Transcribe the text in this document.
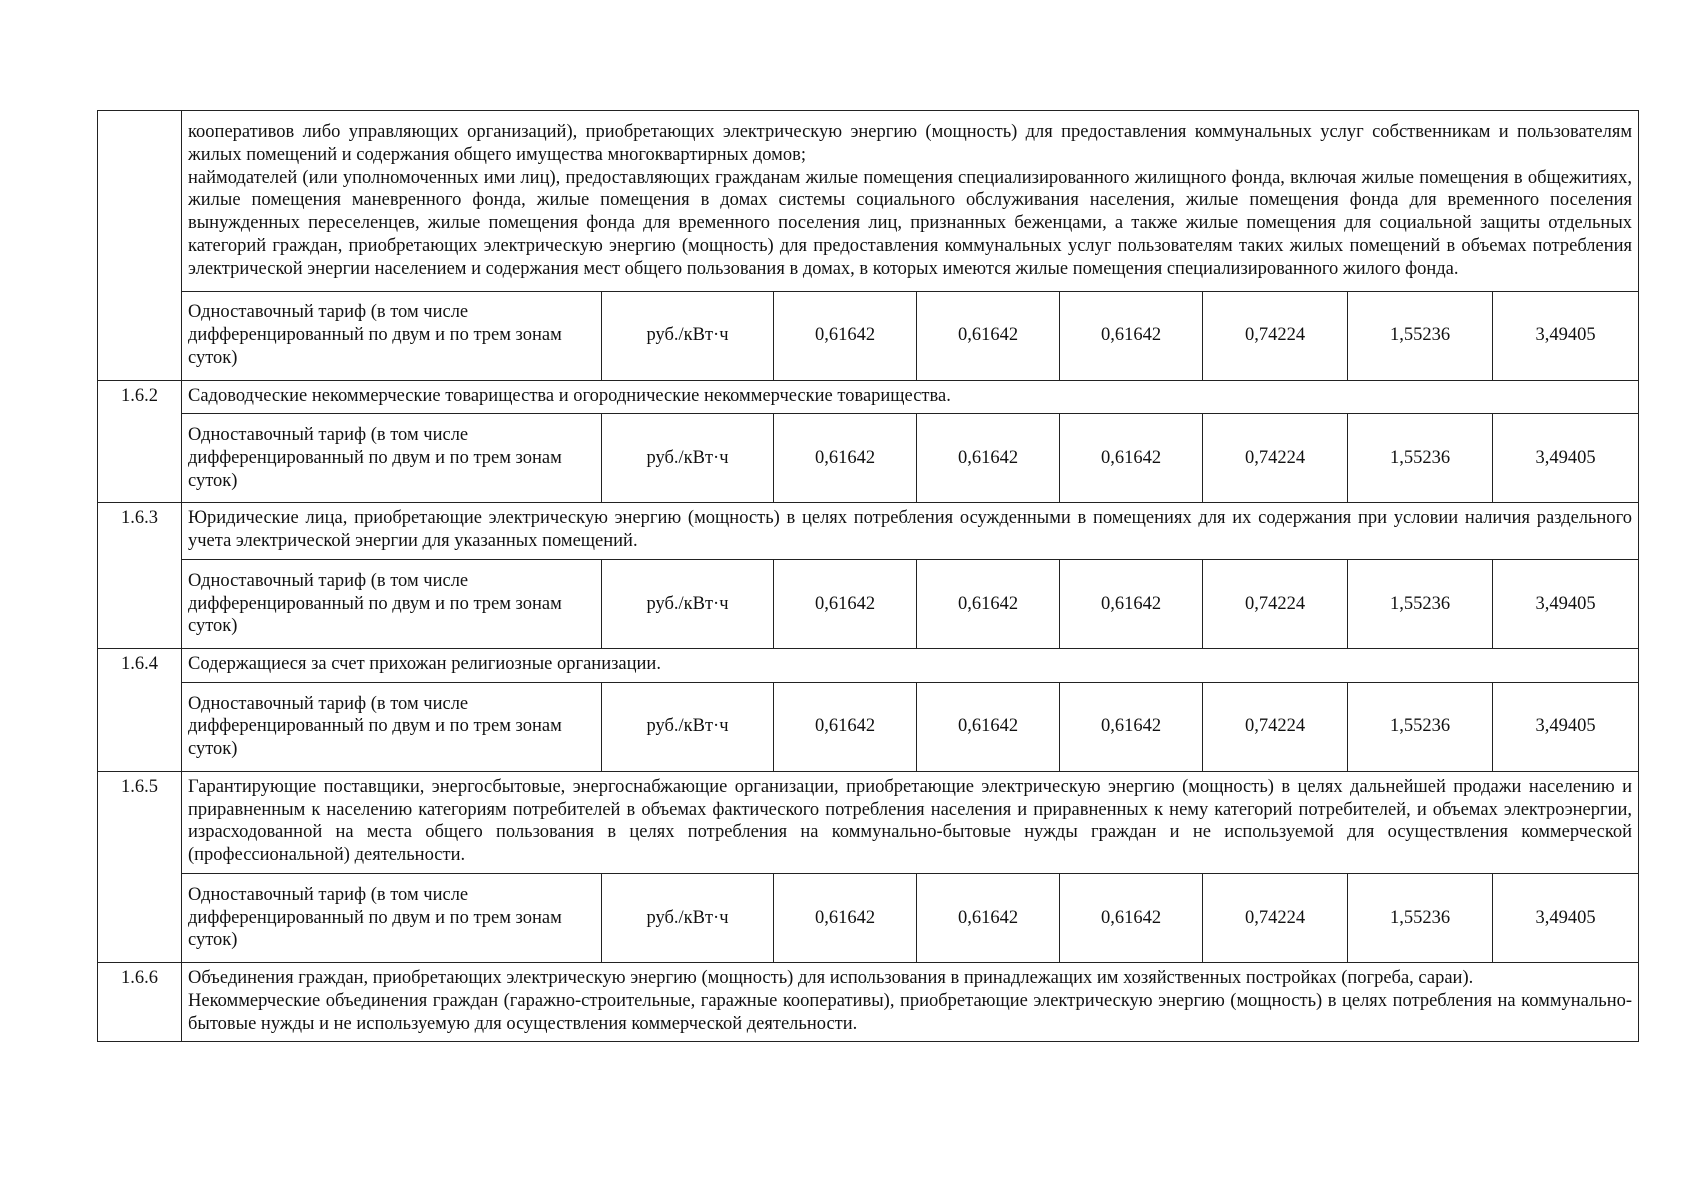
	кооперативов либо управляющих организаций), приобретающих электрическую энергию (мощность) для предоставления коммунальных услуг собственникам и пользователям жилых помещений и содержания общего имущества многоквартирных домов;

наймодателей (или уполномоченных ими лиц), предоставляющих гражданам жилые помещения специализированного жилищного фонда, включая жилые помещения в общежитиях, жилые помещения маневренного фонда, жилые помещения в домах системы социального обслуживания населения, жилые помещения фонда для временного поселения вынужденных переселенцев, жилые помещения фонда для временного поселения лиц, признанных беженцами, а также жилые помещения для социальной защиты отдельных категорий граждан, приобретающих электрическую энергию (мощность) для предоставления коммунальных услуг пользователям таких жилых помещений в объемах потребления электрической энергии населением и содержания мест общего пользования в домах, в которых имеются жилые помещения специализированного жилого фонда.							

	Одноставочный тариф (в том числе дифференцированный по двум и по трем зонам суток)	руб./кВт·ч	0,61642	0,61642	0,61642	0,74224	1,55236	3,49405
1.6.2	Садоводческие некоммерческие товарищества и огороднические некоммерческие товарищества.							

	Одноставочный тариф (в том числе дифференцированный по двум и по трем зонам суток)	руб./кВт·ч	0,61642	0,61642	0,61642	0,74224	1,55236	3,49405
1.6.3	Юридические лица, приобретающие электрическую энергию (мощность) в целях потребления осужденными в помещениях для их содержания при условии наличия раздельного учета электрической энергии для указанных помещений.							

	Одноставочный тариф (в том числе дифференцированный по двум и по трем зонам суток)	руб./кВт·ч	0,61642	0,61642	0,61642	0,74224	1,55236	3,49405
1.6.4	Содержащиеся за счет прихожан религиозные организации.							

	Одноставочный тариф (в том числе дифференцированный по двум и по трем зонам суток)	руб./кВт·ч	0,61642	0,61642	0,61642	0,74224	1,55236	3,49405
1.6.5	Гарантирующие поставщики, энергосбытовые, энергоснабжающие организации, приобретающие электрическую энергию (мощность) в целях дальнейшей продажи населению и приравненным к населению категориям потребителей в объемах фактического потребления населения и приравненных к нему категорий потребителей, и объемах электроэнергии, израсходованной на места общего пользования в целях потребления на коммунально-бытовые нужды граждан и не используемой для осуществления коммерческой (профессиональной) деятельности.							

	Одноставочный тариф (в том числе дифференцированный по двум и по трем зонам суток)	руб./кВт·ч	0,61642	0,61642	0,61642	0,74224	1,55236	3,49405
1.6.6	Объединения граждан, приобретающих электрическую энергию (мощность) для использования в принадлежащих им хозяйственных постройках (погреба, сараи).

Некоммерческие объединения граждан (гаражно-строительные, гаражные кооперативы), приобретающие электрическую энергию (мощность) в целях потребления на коммунально-бытовые нужды и не используемую для осуществления коммерческой деятельности.							
